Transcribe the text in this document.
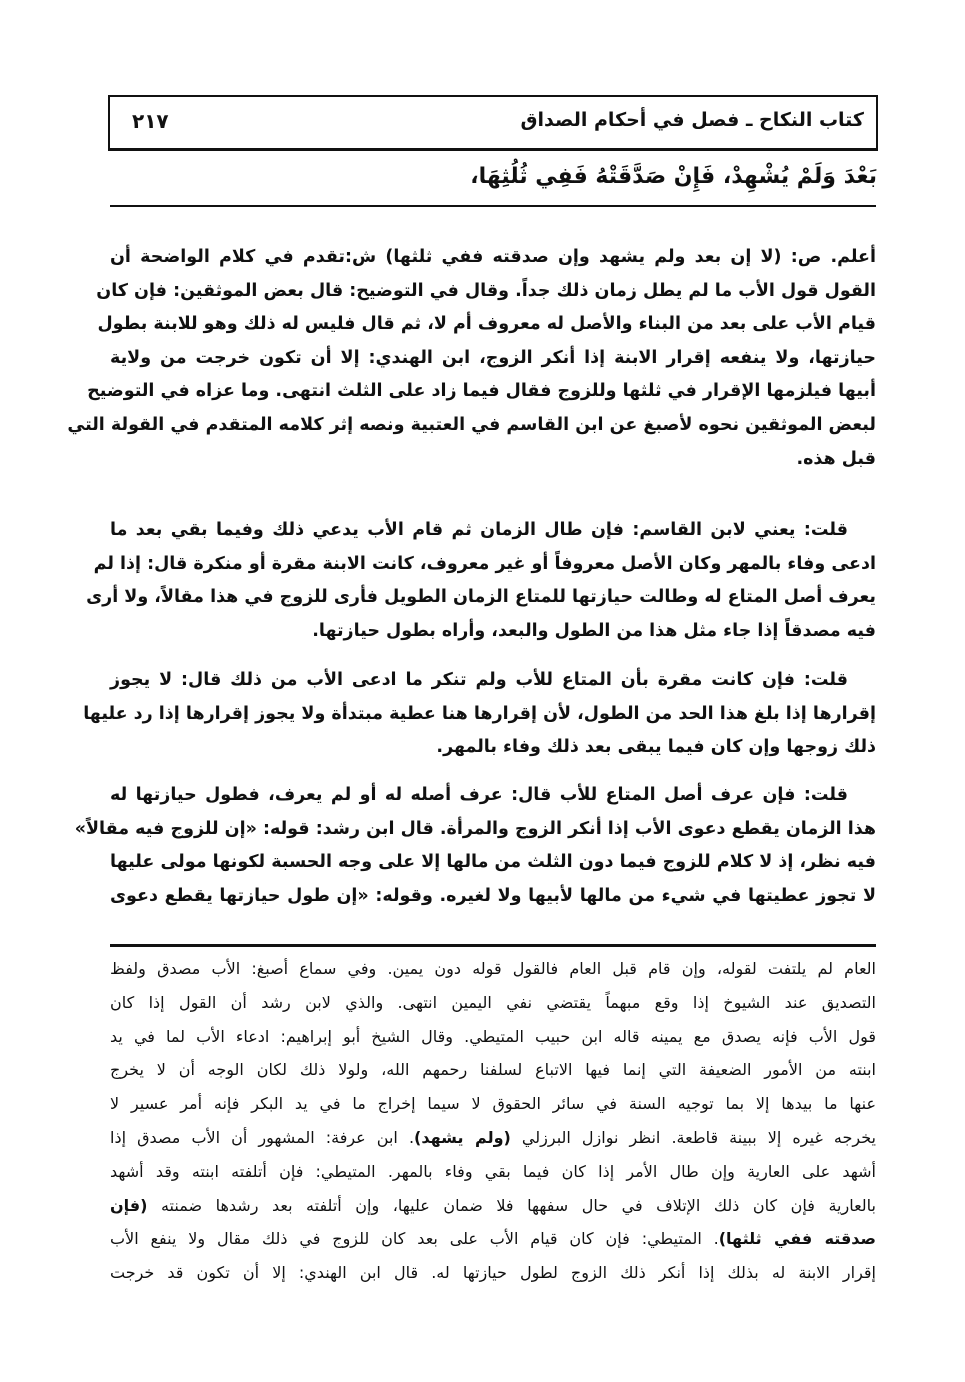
كتاب النكاح ـ فصل في أحكام الصداق
٢١٧
بَعْدَ وَلَمْ يُشْهِدْ، فَإِنْ صَدَّقَتْهُ فَفِي ثُلُثِهَا،
أعلم. ص: (لا إن بعد ولم يشهد وإن صدقته ففي ثلثها) ش:تقدم في كلام الواضحة أن
القول قول الأب ما لم يطل زمان ذلك جداً. وقال في التوضيح: قال بعض الموثقين: فإن كان
قيام الأب على بعد من البناء والأصل له معروف أم لا، ثم قال فليس له ذلك وهو للابنة بطول
حيازتها، ولا ينفعه إقرار الابنة إذا أنكر الزوج، ابن الهندي: إلا أن تكون خرجت من ولاية
أبيها فيلزمها الإقرار في ثلثها وللزوج فقال فيما زاد على الثلث انتهى. وما عزاه في التوضيح
لبعض الموثقين نحوه لأصبغ عن ابن القاسم في العتبية ونصه إثر كلامه المتقدم في القولة التي
قبل هذه.
قلت: يعني لابن القاسم: فإن طال الزمان ثم قام الأب يدعي ذلك وفيما بقي بعد ما
ادعى وفاء بالمهر وكان الأصل معروفاً أو غير معروف، كانت الابنة مقرة أو منكرة قال: إذا لم
يعرف أصل المتاع له وطالت حيازتها للمتاع الزمان الطويل فأرى للزوج في هذا مقالاً، ولا أرى
فيه مصدقاً إذا جاء مثل هذا من الطول والبعد، وأراه بطول حيازتها.
قلت: فإن كانت مقرة بأن المتاع للأب ولم تنكر ما ادعى الأب من ذلك قال: لا يجوز
إقرارها إذا بلغ هذا الحد من الطول، لأن إقرارها هنا عطية مبتدأة ولا يجوز إقرارها إذا رد عليها
ذلك زوجها وإن كان فيما يبقى بعد ذلك وفاء بالمهر.
قلت: فإن عرف أصل المتاع للأب قال: عرف أصله له أو لم يعرف، فطول حيازتها له
هذا الزمان يقطع دعوى الأب إذا أنكر الزوج والمرأة. قال ابن رشد: قوله: «إن للزوج فيه مقالاً»
فيه نظر، إذ لا كلام للزوج فيما دون الثلث من مالها إلا على وجه الحسبة لكونها مولى عليها
لا تجوز عطيتها في شيء من مالها لأبيها ولا لغيره. وقوله: «إن طول حيازتها يقطع دعوى
العام لم يلتفت لقوله، وإن قام قبل العام فالقول قوله دون يمين. وفي سماع أصبغ: الأب مصدق ولفظ
التصديق عند الشيوخ إذا وقع مبهماً يقتضي نفي اليمين انتهى. والذي لابن رشد أن القول إذا كان
قول الأب فإنه يصدق مع يمينه قاله ابن حبيب المتيطي. وقال الشيخ أبو إبراهيم: ادعاء الأب لما في يد
ابنته من الأمور الضعيفة التي إنما فيها الاتباع لسلفنا رحمهم الله، ولولا ذلك لكان الوجه أن لا يخرج
عنها ما بيدها إلا بما توجيه السنة في سائر الحقوق لا سيما إخراج ما في يد البكر فإنه أمر عسير لا
يخرجه غيره إلا ببينة قاطعة. انظر نوازل البرزلي (ولم يشهد). ابن عرفة: المشهور أن الأب مصدق إذا
أشهد على العارية وإن طال الأمر إذا كان فيما بقي وفاء بالمهر. المتيطي: فإن أتلفته ابنته وقد أشهد
بالعارية فإن كان ذلك الإتلاف في حال سفهها فلا ضمان عليها، وإن أتلفته بعد رشدها ضمنته (فإن
صدقته ففي ثلثها). المتيطي: فإن كان قيام الأب على بعد كان للزوج في ذلك مقال ولا ينفع الأب
إقرار الابنة له بذلك إذا أنكر ذلك الزوج لطول حيازتها له. قال ابن الهندي: إلا أن تكون قد خرجت
